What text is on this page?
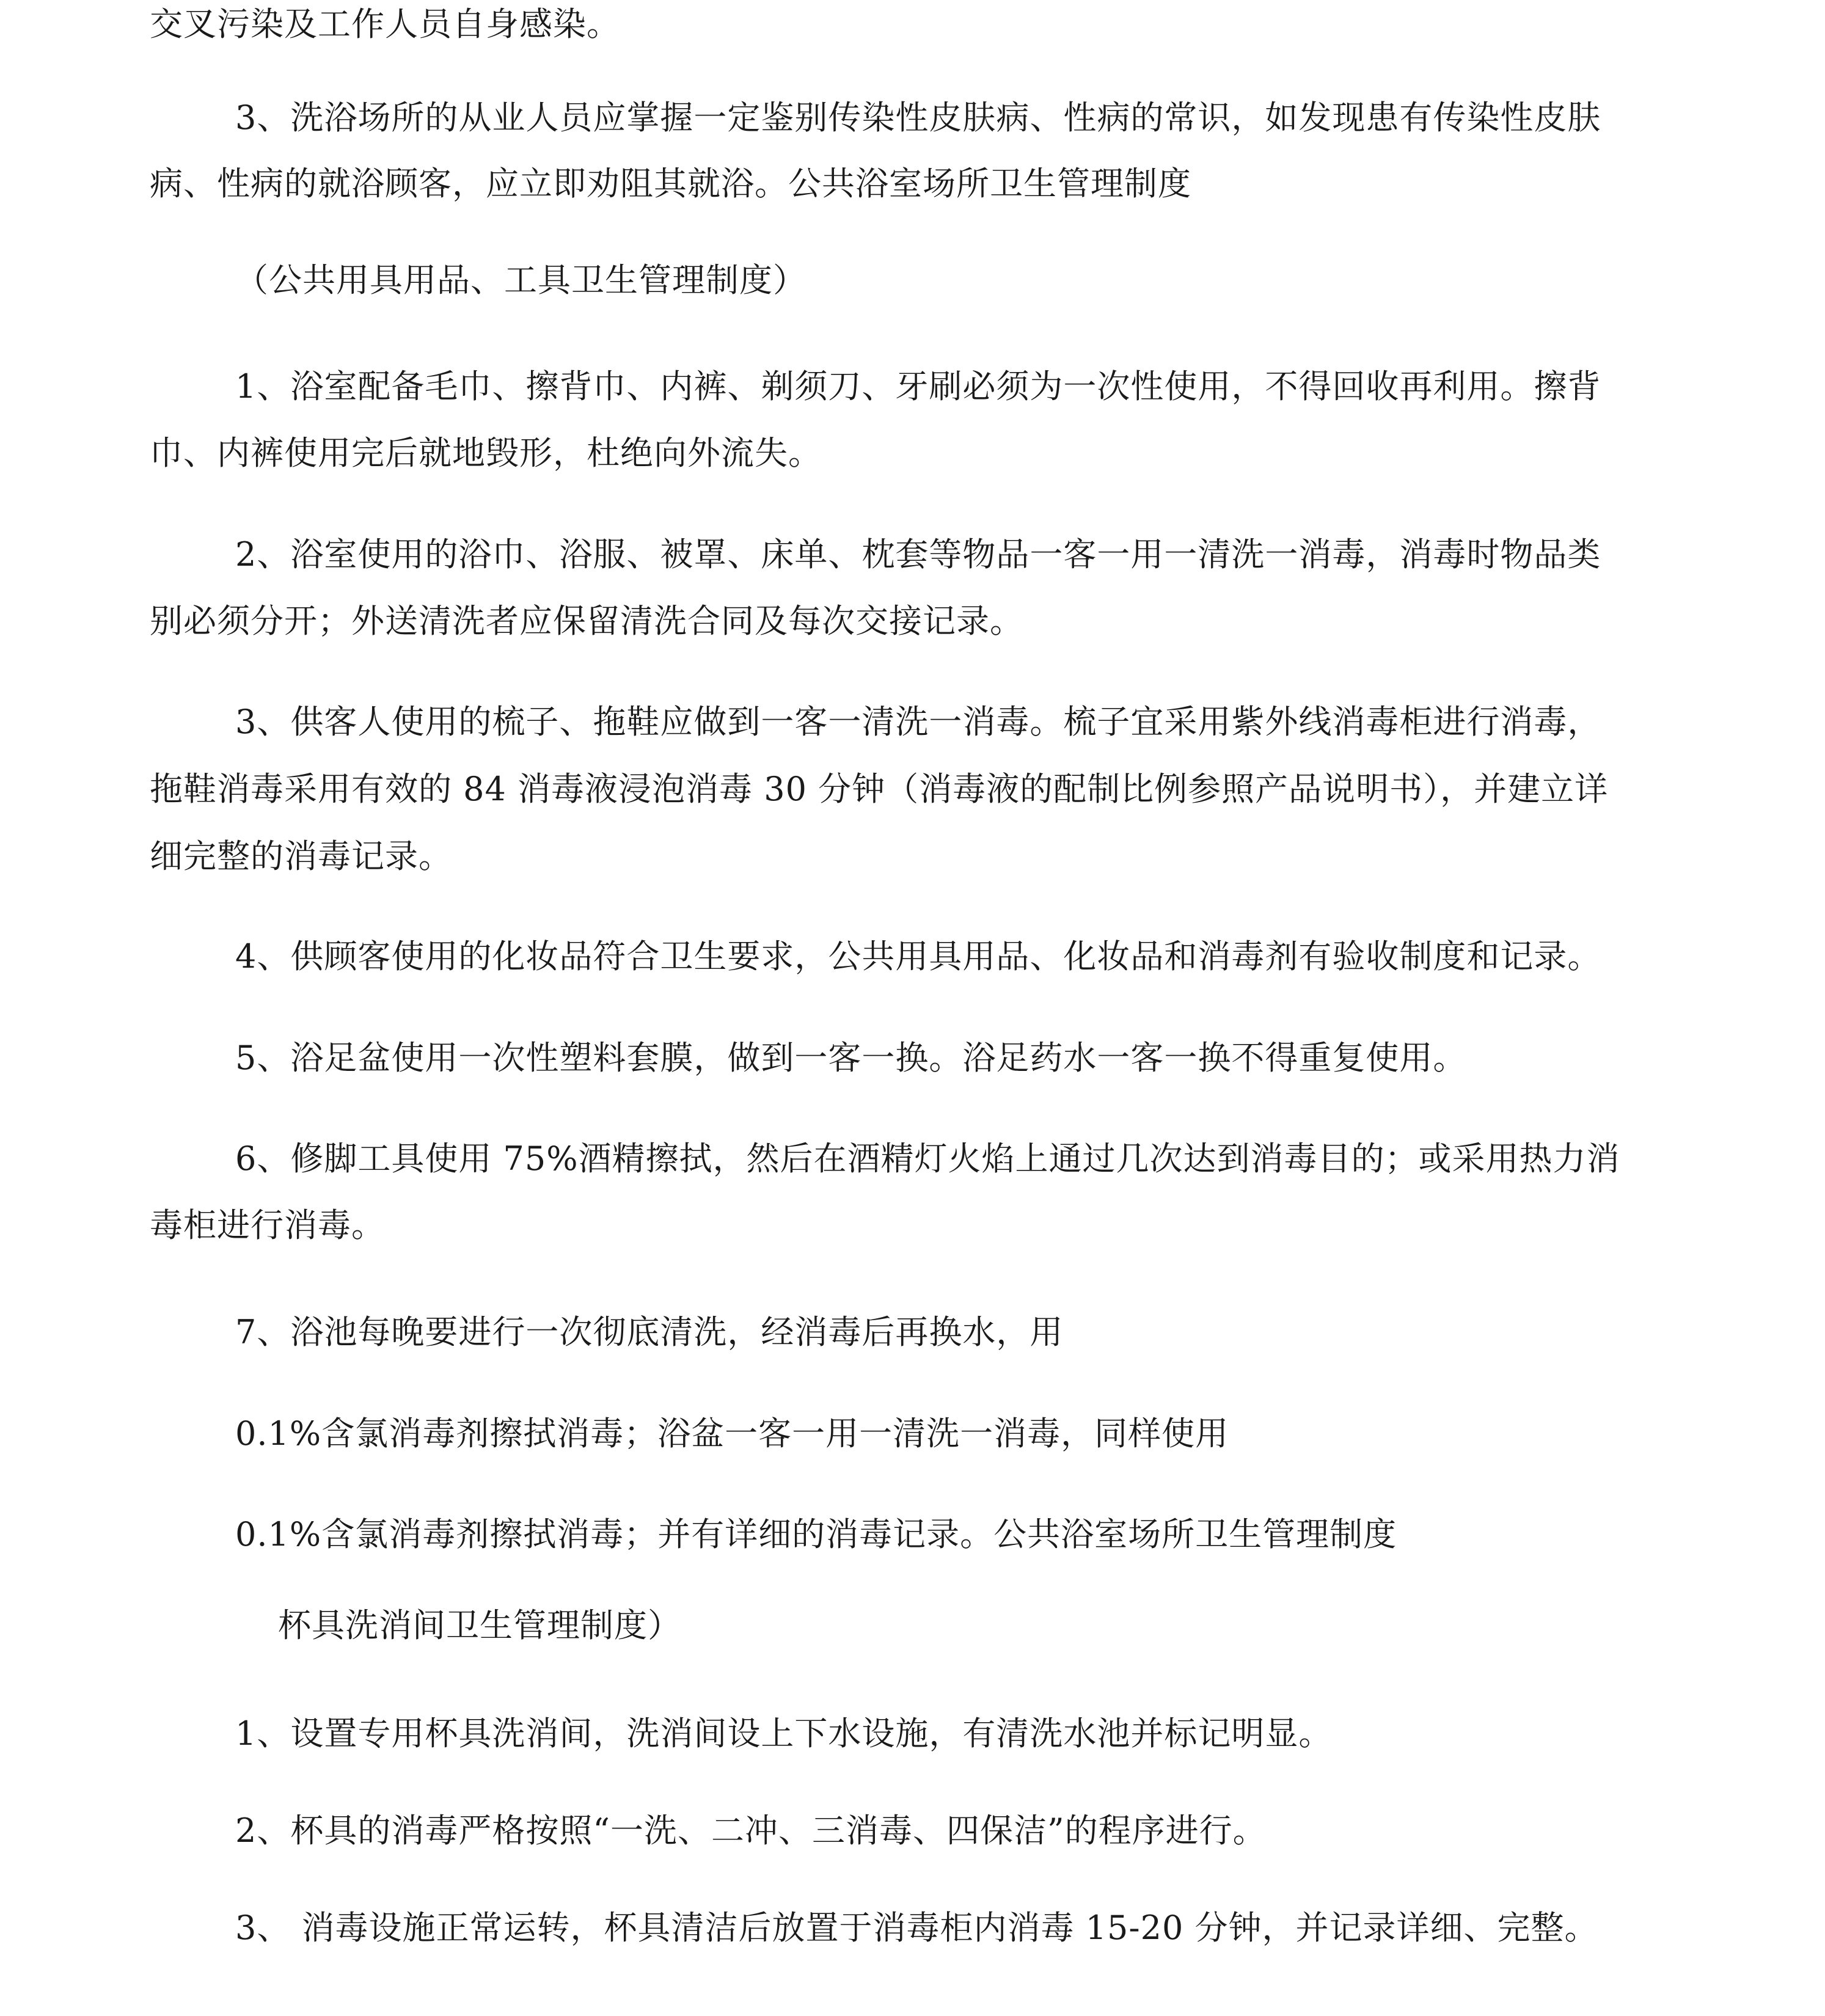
交叉污染及工作人员自身感染。
3、洗浴场所的从业人员应掌握一定鉴别传染性皮肤病、性病的常识，如发现患有传染性皮肤
病、性病的就浴顾客，应立即劝阻其就浴。公共浴室场所卫生管理制度
（公共用具用品、工具卫生管理制度）
1、浴室配备毛巾、擦背巾、内裤、剃须刀、牙刷必须为一次性使用，不得回收再利用。擦背
巾、内裤使用完后就地毁形，杜绝向外流失。
2、浴室使用的浴巾、浴服、被罩、床单、枕套等物品一客一用一清洗一消毒，消毒时物品类
别必须分开；外送清洗者应保留清洗合同及每次交接记录。
3、供客人使用的梳子、拖鞋应做到一客一清洗一消毒。梳子宜采用紫外线消毒柜进行消毒，
拖鞋消毒采用有效的 84 消毒液浸泡消毒 30 分钟（消毒液的配制比例参照产品说明书），并建立详
细完整的消毒记录。
4、供顾客使用的化妆品符合卫生要求，公共用具用品、化妆品和消毒剂有验收制度和记录。
5、浴足盆使用一次性塑料套膜，做到一客一换。浴足药水一客一换不得重复使用。
6、修脚工具使用 75%酒精擦拭，然后在酒精灯火焰上通过几次达到消毒目的；或采用热力消
毒柜进行消毒。
7、浴池每晚要进行一次彻底清洗，经消毒后再换水，用
0.1%含氯消毒剂擦拭消毒；浴盆一客一用一清洗一消毒，同样使用
0.1%含氯消毒剂擦拭消毒；并有详细的消毒记录。公共浴室场所卫生管理制度
杯具洗消间卫生管理制度）
1、设置专用杯具洗消间，洗消间设上下水设施，有清洗水池并标记明显。
2、杯具的消毒严格按照“一洗、二冲、三消毒、四保洁”的程序进行。
3、 消毒设施正常运转，杯具清洁后放置于消毒柜内消毒 15-20 分钟，并记录详细、完整。
